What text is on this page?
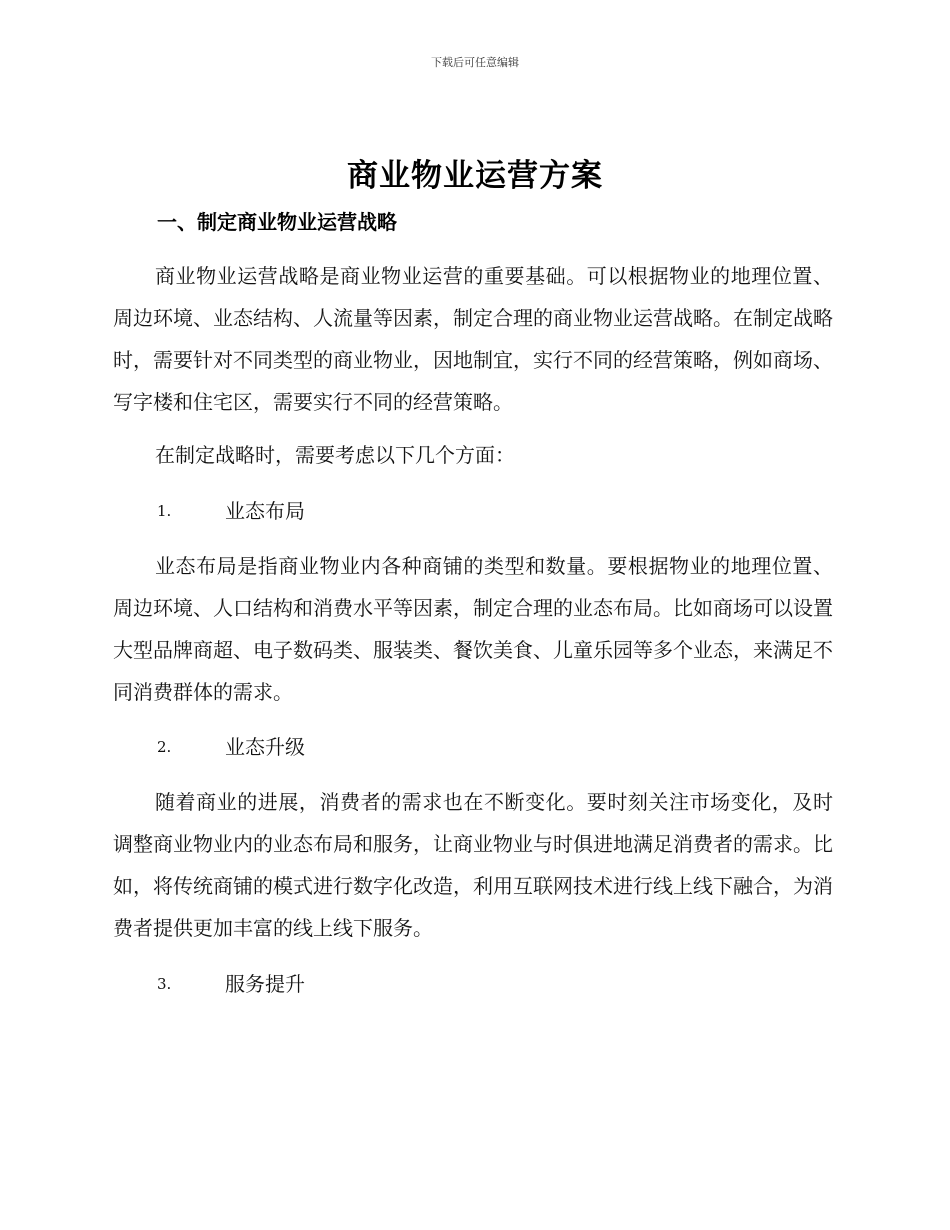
下载后可任意编辑
商业物业运营方案
一、制定商业物业运营战略

商业物业运营战略是商业物业运营的重要基础。可以根据物业的地理位置、周边环境、业态结构、人流量等因素，制定合理的商业物业运营战略。在制定战略时，需要针对不同类型的商业物业，因地制宜，实行不同的经营策略，例如商场、写字楼和住宅区，需要实行不同的经营策略。

在制定战略时，需要考虑以下几个方面：

1.	业态布局

业态布局是指商业物业内各种商铺的类型和数量。要根据物业的地理位置、周边环境、人口结构和消费水平等因素，制定合理的业态布局。比如商场可以设置大型品牌商超、电子数码类、服装类、餐饮美食、儿童乐园等多个业态，来满足不同消费群体的需求。

2.	业态升级

随着商业的进展，消费者的需求也在不断变化。要时刻关注市场变化，及时调整商业物业内的业态布局和服务，让商业物业与时俱进地满足消费者的需求。比如，将传统商铺的模式进行数字化改造，利用互联网技术进行线上线下融合，为消费者提供更加丰富的线上线下服务。

3.	服务提升
